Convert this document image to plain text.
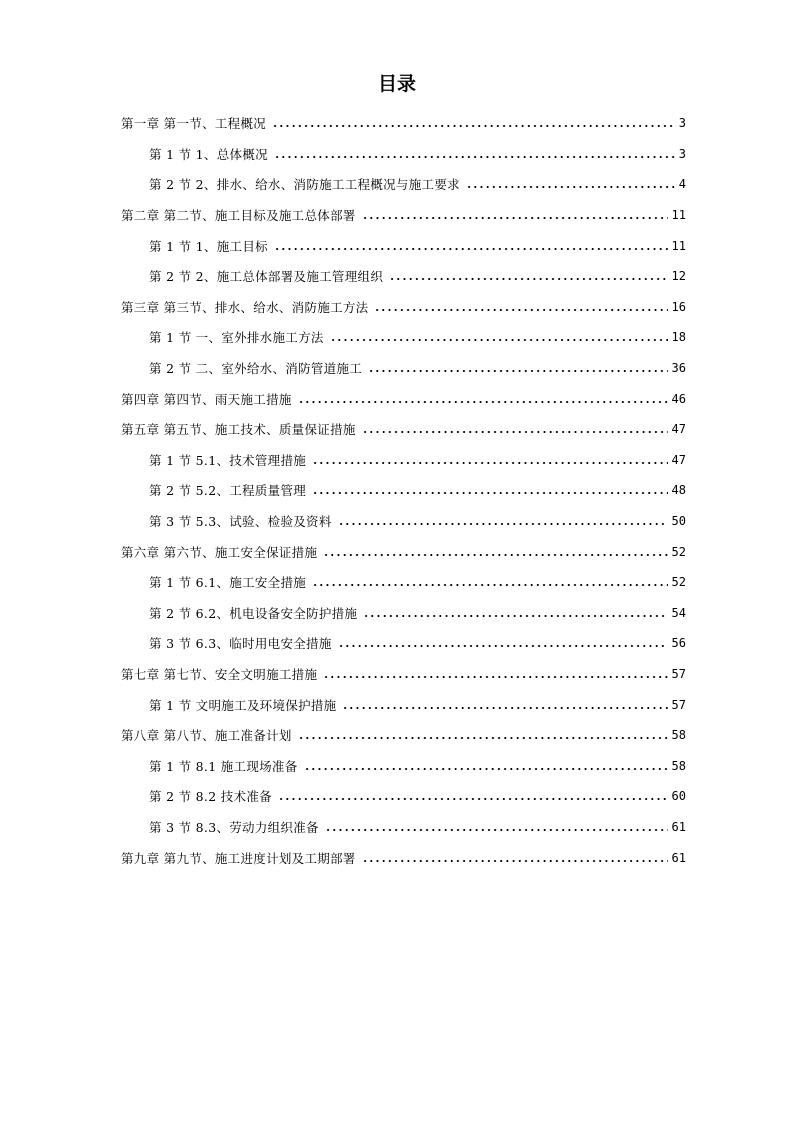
目录
第一章 第一节、工程概况	3
第 1 节 1、总体概况	3
第 2 节 2、排水、给水、消防施工工程概况与施工要求	4
第二章 第二节、施工目标及施工总体部署	11
第 1 节 1、施工目标	11
第 2 节 2、施工总体部署及施工管理组织	12
第三章 第三节、排水、给水、消防施工方法	16
第 1 节 一、室外排水施工方法	18
第 2 节 二、室外给水、消防管道施工	36
第四章 第四节、雨天施工措施	46
第五章 第五节、施工技术、质量保证措施	47
第 1 节 5.1、技术管理措施	47
第 2 节 5.2、工程质量管理	48
第 3 节 5.3、试验、检验及资料	50
第六章 第六节、施工安全保证措施	52
第 1 节 6.1、施工安全措施	52
第 2 节 6.2、机电设备安全防护措施	54
第 3 节 6.3、临时用电安全措施	56
第七章 第七节、安全文明施工措施	57
第 1 节 文明施工及环境保护措施	57
第八章 第八节、施工准备计划	58
第 1 节 8.1 施工现场准备	58
第 2 节 8.2 技术准备	60
第 3 节 8.3、劳动力组织准备	61
第九章 第九节、施工进度计划及工期部署	61
